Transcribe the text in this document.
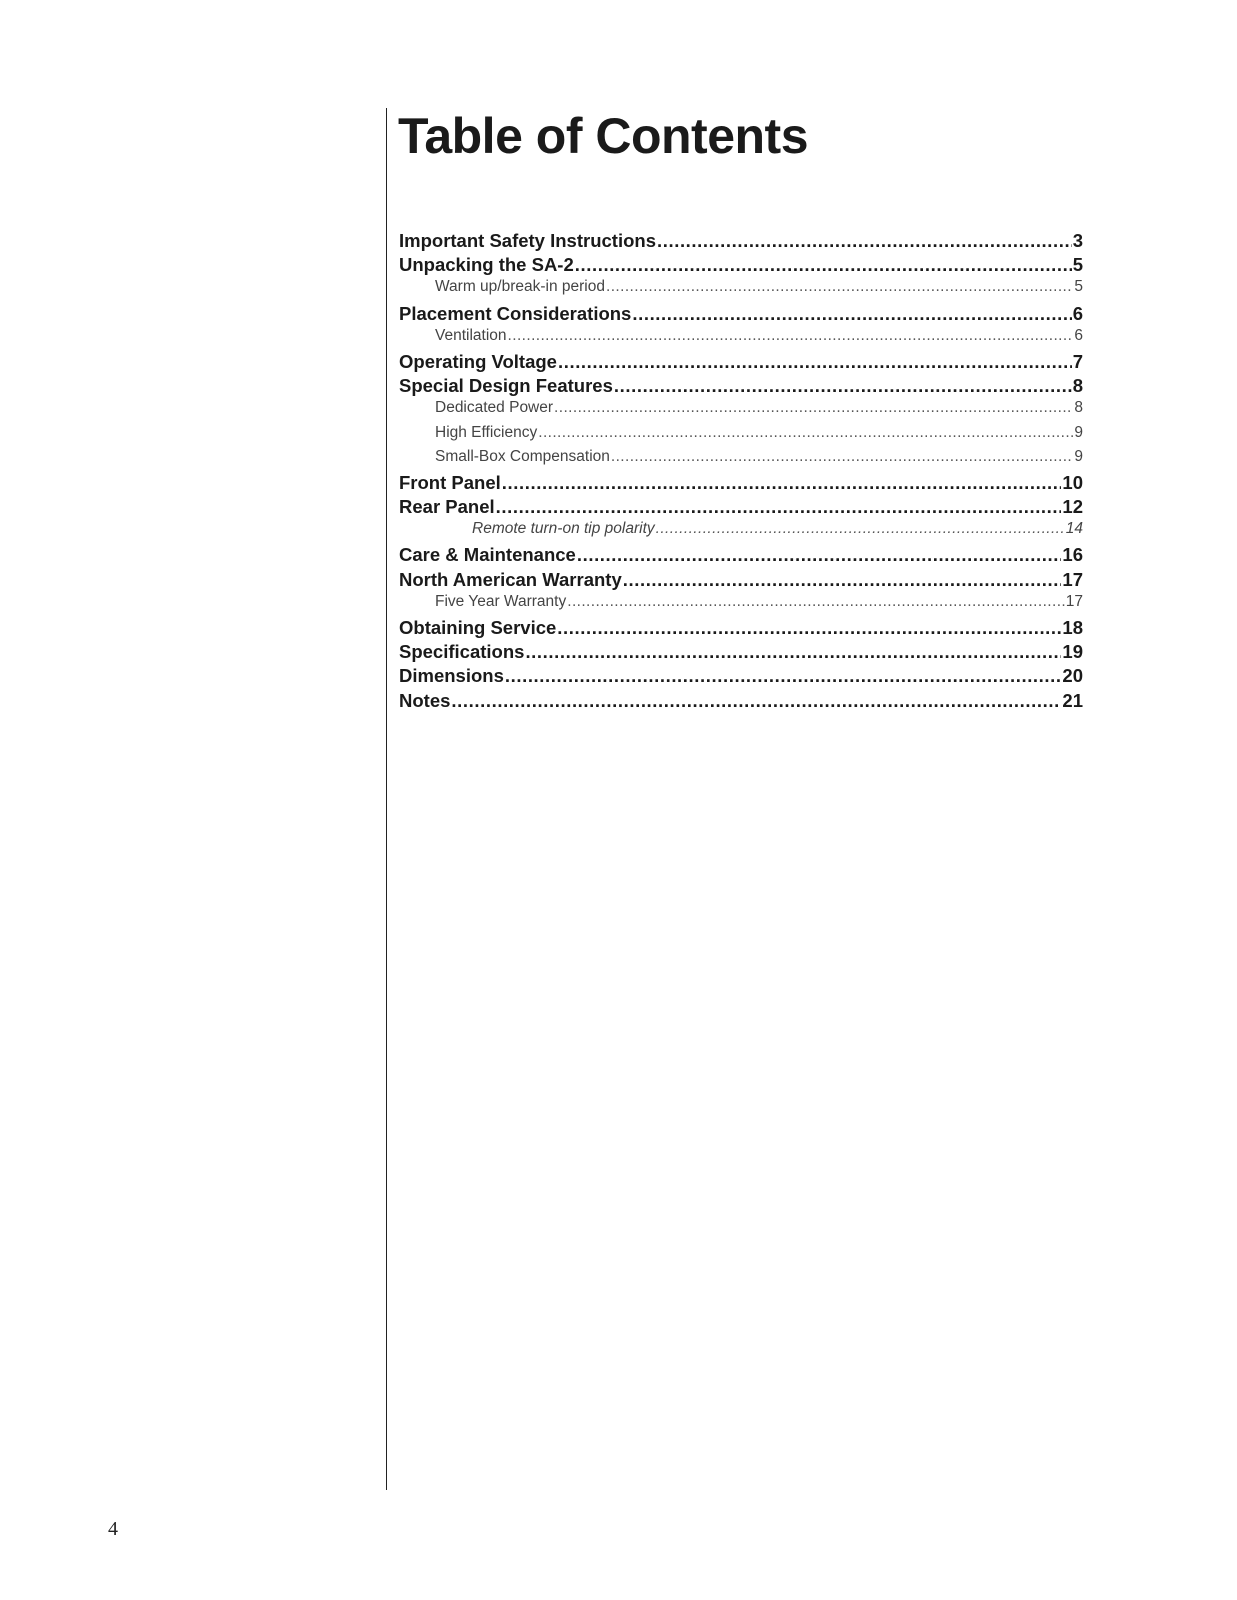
Table of Contents
Important Safety Instructions .....	3
Unpacking the SA-2 .....	5
Warm up/break-in period .....	5
Placement Considerations .....	6
Ventilation .....	6
Operating Voltage .....	7
Special Design Features .....	8
Dedicated Power .....	8
High Efficiency .....	9
Small-Box Compensation .....	9
Front Panel .....	10
Rear Panel .....	12
Remote turn-on tip polarity .....	14
Care & Maintenance .....	16
North American Warranty .....	17
Five Year Warranty .....	17
Obtaining Service .....	18
Specifications .....	19
Dimensions .....	20
Notes .....	21
4
